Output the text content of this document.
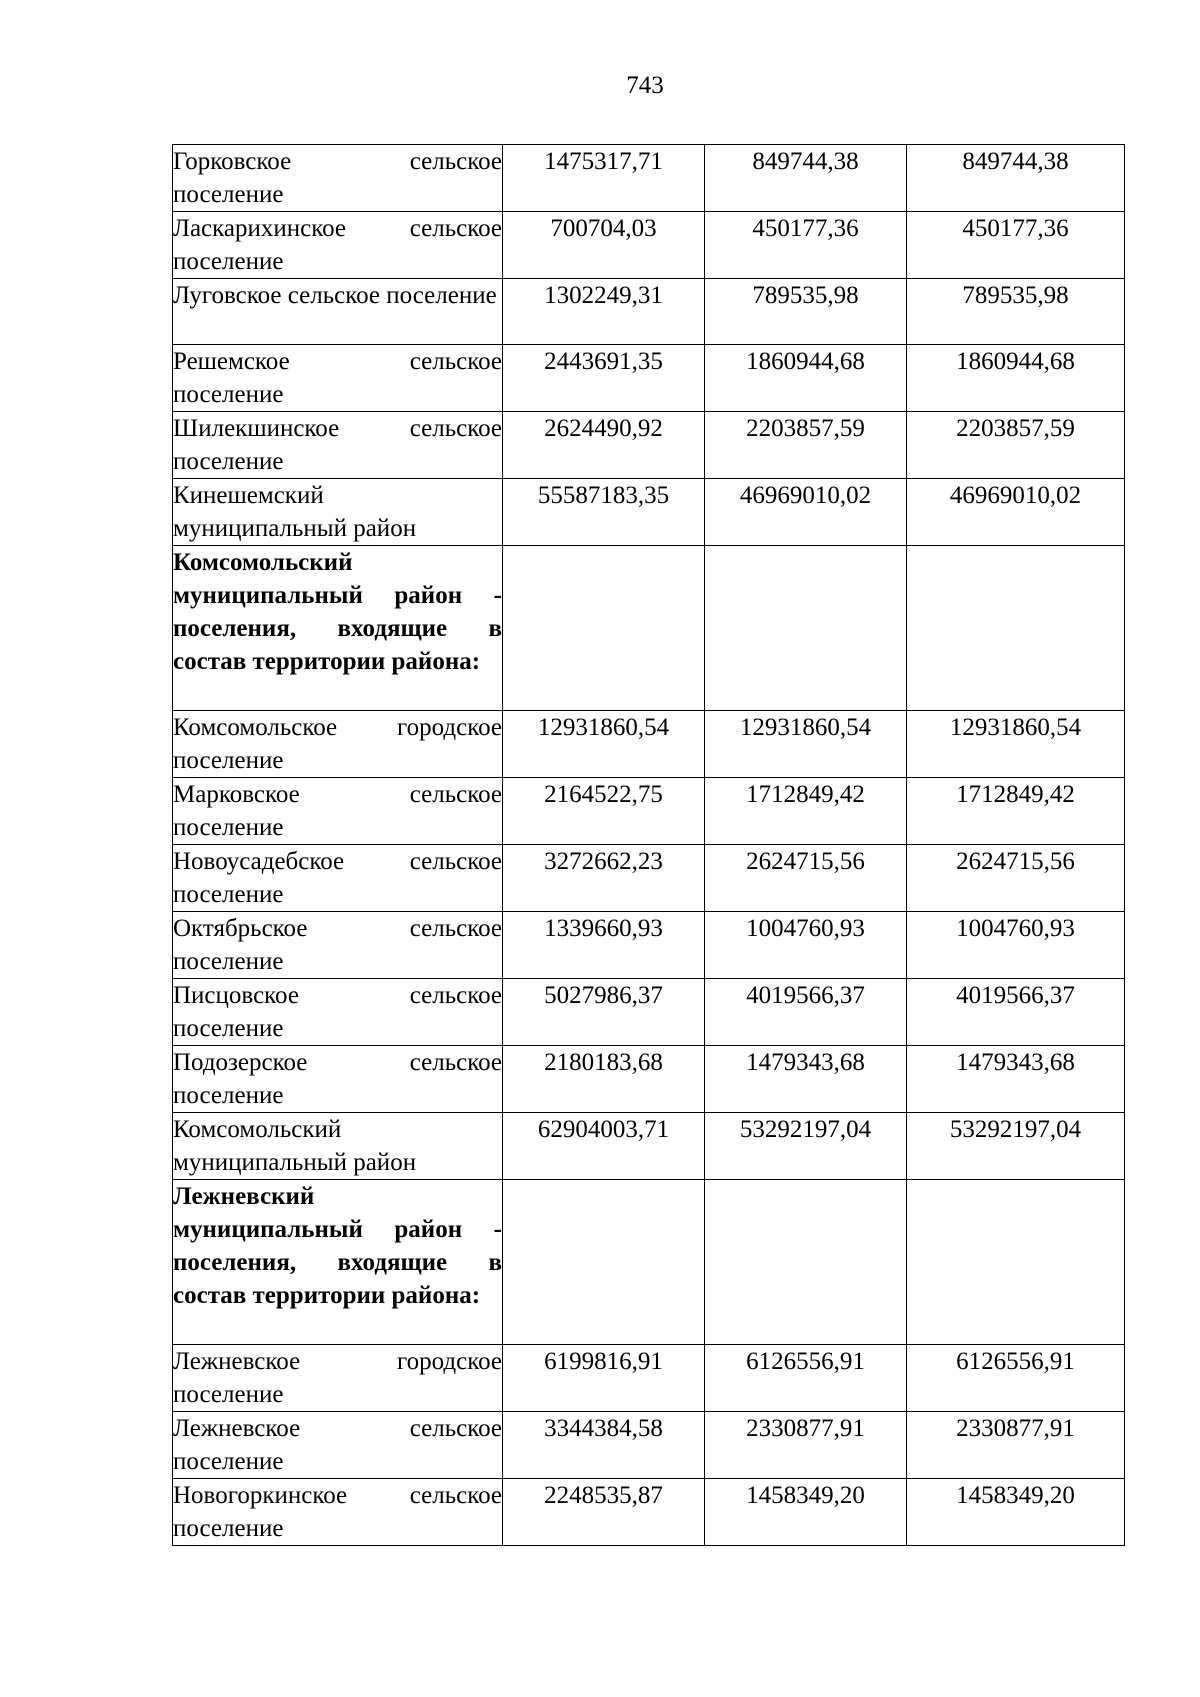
743
Горковское сельское поселение	1475317,71	849744,38	849744,38
Ласкарихинское сельское поселение	700704,03	450177,36	450177,36
Луговское сельское поселение	1302249,31	789535,98	789535,98
Решемское сельское поселение	2443691,35	1860944,68	1860944,68
Шилекшинское сельское поселение	2624490,92	2203857,59	2203857,59
Кинешемский муниципальный район	55587183,35	46969010,02	46969010,02
Комсомольский муниципальный район - поселения, входящие в состав территории района:			
Комсомольское городское поселение	12931860,54	12931860,54	12931860,54
Марковское сельское поселение	2164522,75	1712849,42	1712849,42
Новоусадебское сельское поселение	3272662,23	2624715,56	2624715,56
Октябрьское сельское поселение	1339660,93	1004760,93	1004760,93
Писцовское сельское поселение	5027986,37	4019566,37	4019566,37
Подозерское сельское поселение	2180183,68	1479343,68	1479343,68
Комсомольский муниципальный район	62904003,71	53292197,04	53292197,04
Лежневский муниципальный район - поселения, входящие в состав территории района:			
Лежневское городское поселение	6199816,91	6126556,91	6126556,91
Лежневское сельское поселение	3344384,58	2330877,91	2330877,91
Новогоркинское сельское поселение	2248535,87	1458349,20	1458349,20
